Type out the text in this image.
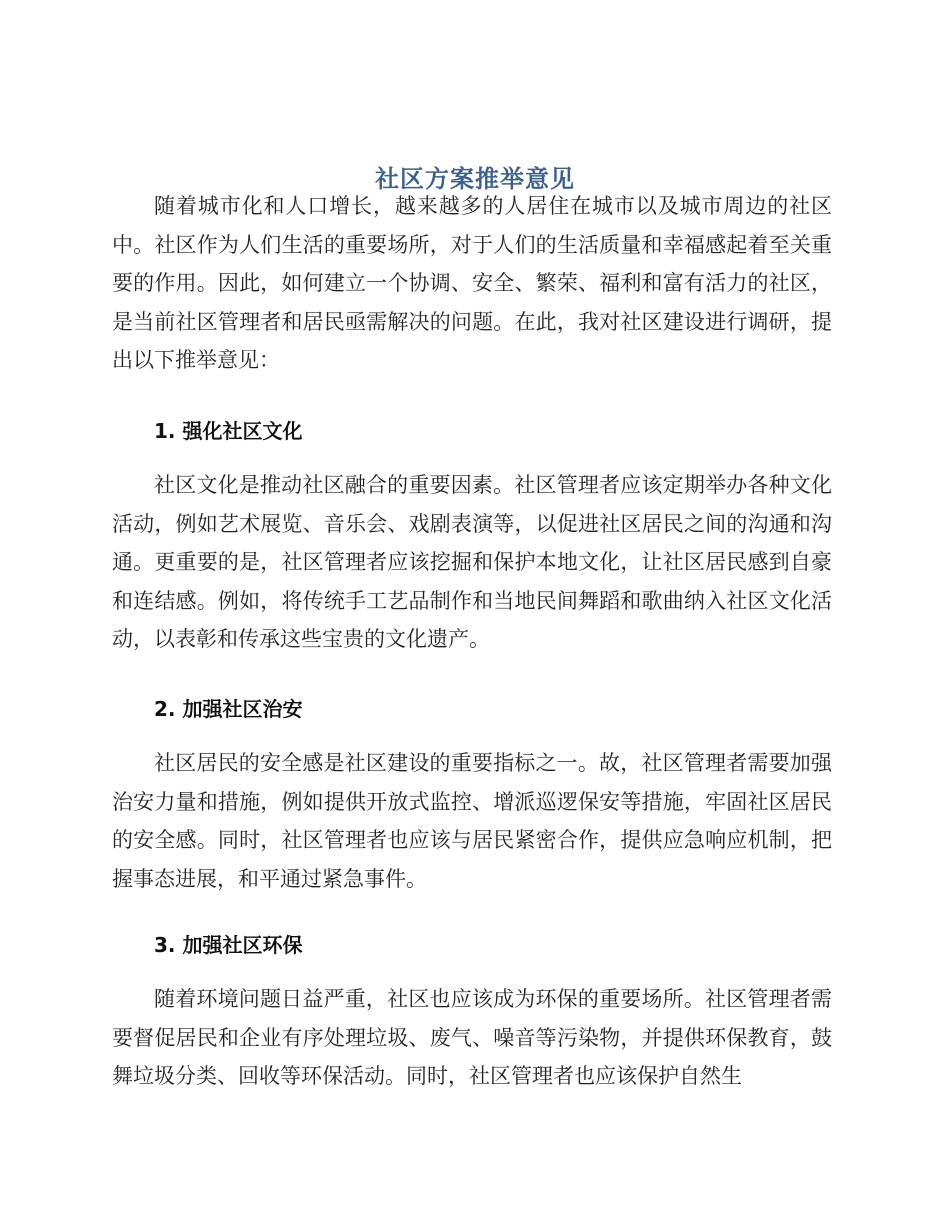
社区方案推举意见

随着城市化和人口增长，越来越多的人居住在城市以及城市周边的社区中。社区作为人们生活的重要场所，对于人们的生活质量和幸福感起着至关重要的作用。因此，如何建立一个协调、安全、繁荣、福利和富有活力的社区，是当前社区管理者和居民亟需解决的问题。在此，我对社区建设进行调研，提出以下推举意见：

1. 强化社区文化

社区文化是推动社区融合的重要因素。社区管理者应该定期举办各种文化活动，例如艺术展览、音乐会、戏剧表演等，以促进社区居民之间的沟通和沟通。更重要的是，社区管理者应该挖掘和保护本地文化，让社区居民感到自豪和连结感。例如，将传统手工艺品制作和当地民间舞蹈和歌曲纳入社区文化活动，以表彰和传承这些宝贵的文化遗产。

2. 加强社区治安

社区居民的安全感是社区建设的重要指标之一。故，社区管理者需要加强治安力量和措施，例如提供开放式监控、增派巡逻保安等措施，牢固社区居民的安全感。同时，社区管理者也应该与居民紧密合作，提供应急响应机制，把握事态进展，和平通过紧急事件。

3. 加强社区环保

随着环境问题日益严重，社区也应该成为环保的重要场所。社区管理者需要督促居民和企业有序处理垃圾、废气、噪音等污染物，并提供环保教育，鼓舞垃圾分类、回收等环保活动。同时，社区管理者也应该保护自然生
